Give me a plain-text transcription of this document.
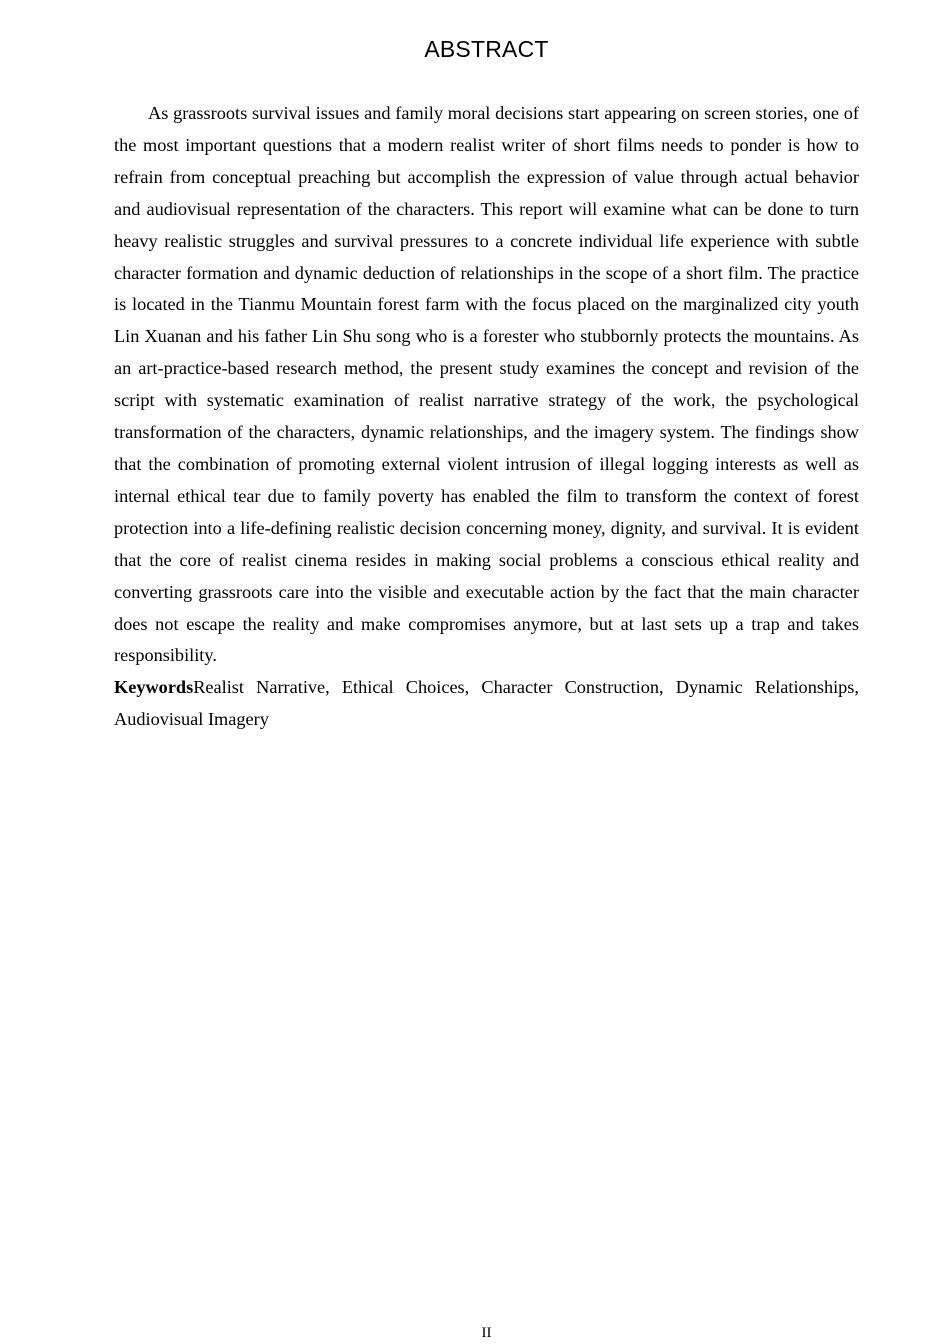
ABSTRACT

As grassroots survival issues and family moral decisions start appearing on screen stories, one of the most important questions that a modern realist writer of short films needs to ponder is how to refrain from conceptual preaching but accomplish the expression of value through actual behavior and audiovisual representation of the characters. This report will examine what can be done to turn heavy realistic struggles and survival pressures to a concrete individual life experience with subtle character formation and dynamic deduction of relationships in the scope of a short film. The practice is located in the Tianmu Mountain forest farm with the focus placed on the marginalized city youth Lin Xuanan and his father Lin Shu song who is a forester who stubbornly protects the mountains. As an art-practice-based research method, the present study examines the concept and revision of the script with systematic examination of realist narrative strategy of the work, the psychological transformation of the characters, dynamic relationships, and the imagery system. The findings show that the combination of promoting external violent intrusion of illegal logging interests as well as internal ethical tear due to family poverty has enabled the film to transform the context of forest protection into a life-defining realistic decision concerning money, dignity, and survival. It is evident that the core of realist cinema resides in making social problems a conscious ethical reality and converting grassroots care into the visible and executable action by the fact that the main character does not escape the reality and make compromises anymore, but at last sets up a trap and takes responsibility.

KeywordsRealist Narrative, Ethical Choices, Character Construction, Dynamic Relationships, Audiovisual Imagery

II
